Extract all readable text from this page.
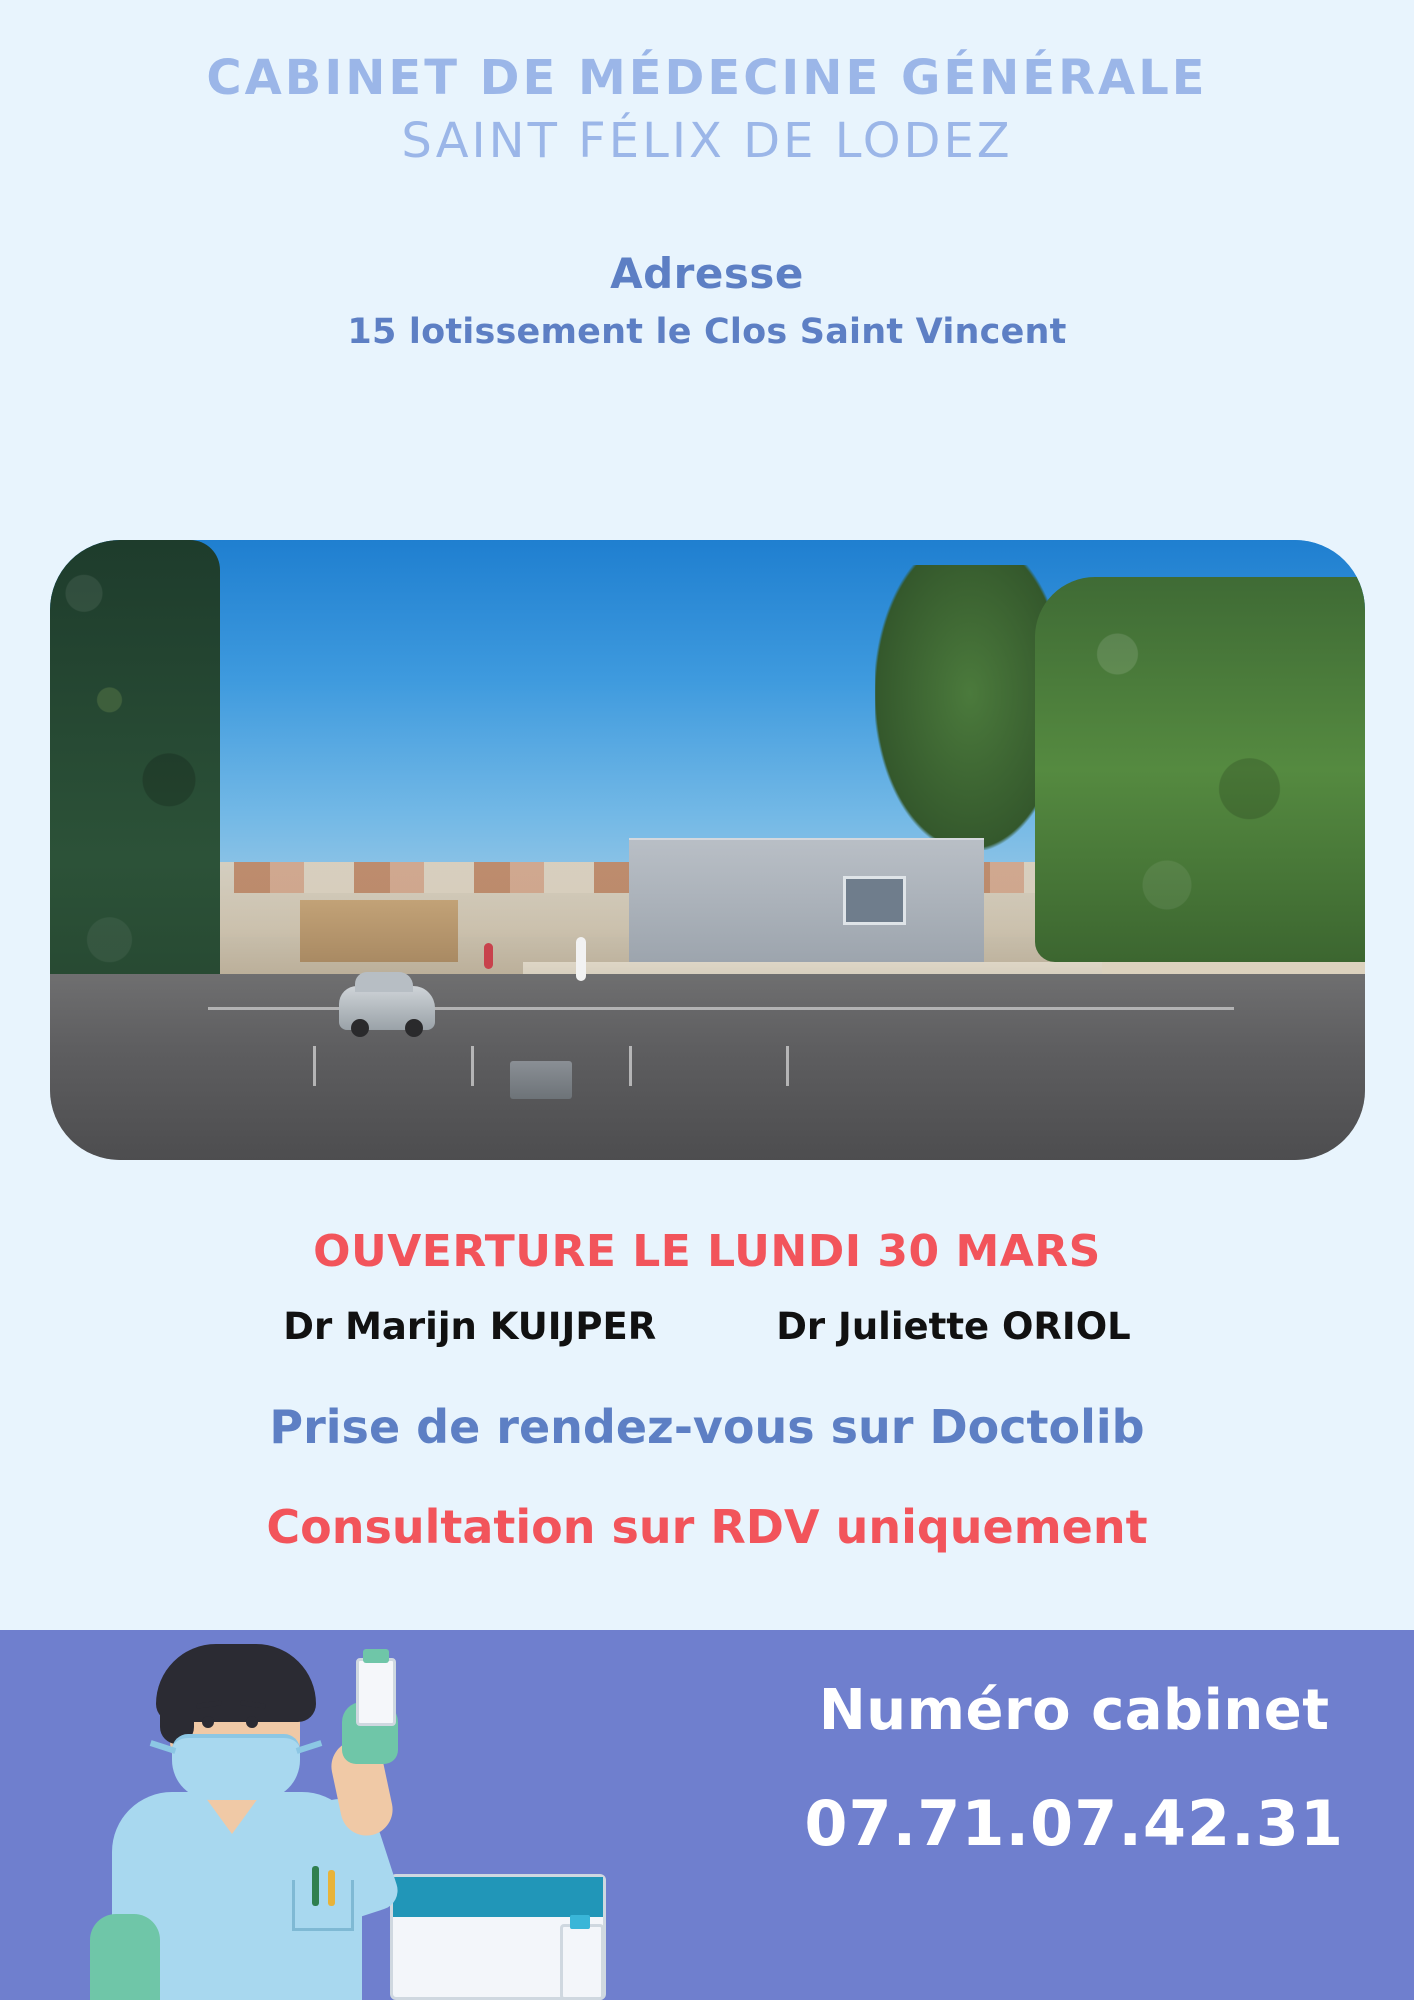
CABINET DE MÉDECINE GÉNÉRALE
SAINT FÉLIX DE LODEZ
Adresse
15 lotissement le Clos Saint Vincent
OUVERTURE LE LUNDI 30 MARS
Dr Marijn KUIJPER	Dr Juliette ORIOL
Prise de rendez-vous sur Doctolib
Consultation sur RDV uniquement
Numéro cabinet
07.71.07.42.31
